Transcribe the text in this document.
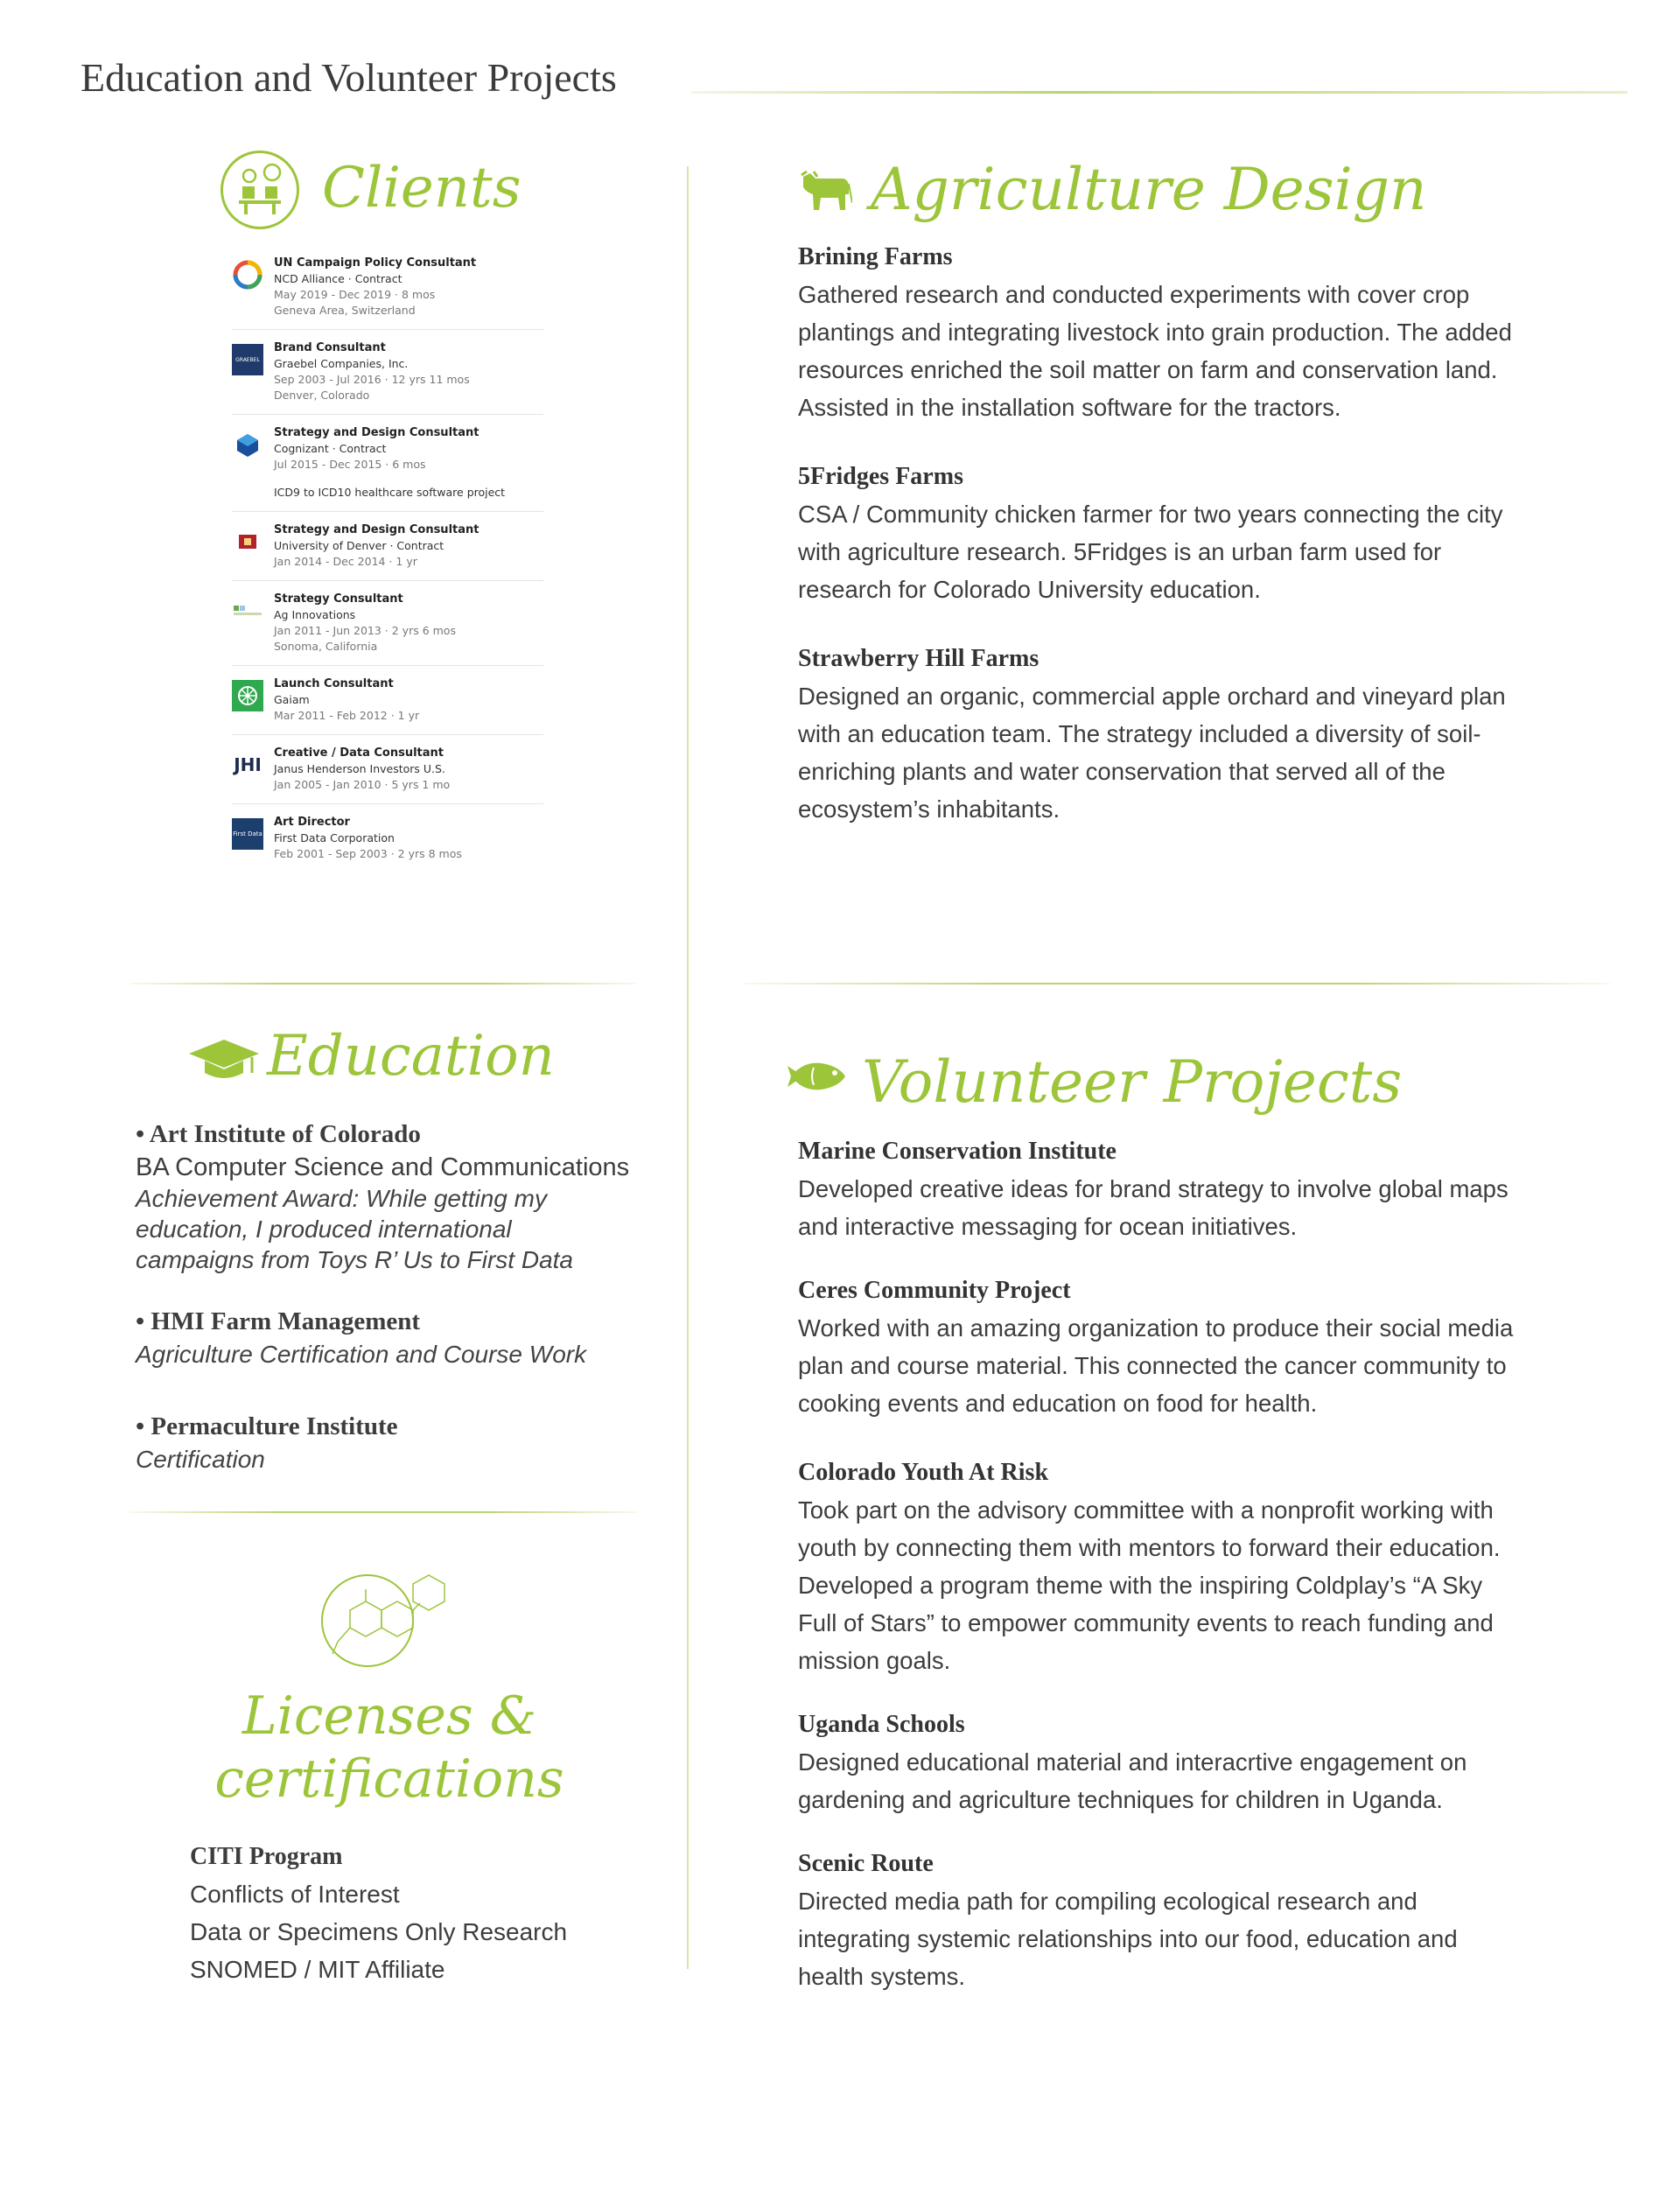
Education and Volunteer Projects
Clients
UN Campaign Policy Consultant
NCD Alliance · Contract
May 2019 - Dec 2019 · 8 mos
Geneva Area, Switzerland
GRAEBEL
Brand Consultant
Graebel Companies, Inc.
Sep 2003 - Jul 2016 · 12 yrs 11 mos
Denver, Colorado
Strategy and Design Consultant
Cognizant · Contract
Jul 2015 - Dec 2015 · 6 mos
ICD9 to ICD10 healthcare software project
Strategy and Design Consultant
University of Denver · Contract
Jan 2014 - Dec 2014 · 1 yr
Strategy Consultant
Ag Innovations
Jan 2011 - Jun 2013 · 2 yrs 6 mos
Sonoma, California
Launch Consultant
Gaiam
Mar 2011 - Feb 2012 · 1 yr
JHI
Creative / Data Consultant
Janus Henderson Investors U.S.
Jan 2005 - Jan 2010 · 5 yrs 1 mo
First Data
Art Director
First Data Corporation
Feb 2001 - Sep 2003 · 2 yrs 8 mos
Agriculture Design
Brining Farms
Gathered research and conducted experiments with cover crop plantings and integrating livestock into grain production. The added resources enriched the soil matter on farm and conservation land. Assisted in the installation software for the tractors.
5Fridges Farms
CSA / Community chicken farmer for two years connecting the city with agriculture research. 5Fridges is an urban farm used for research for Colorado University education.
Strawberry Hill Farms
Designed an organic, commercial apple orchard and vineyard plan with an education team. The strategy included a diversity of soil-enriching plants and water conservation that served all of the ecosystem’s inhabitants.
Education
• Art Institute of Colorado
BA Computer Science and Communications
Achievement Award: While getting my education, I produced international campaigns from Toys R’ Us to First Data
• HMI Farm Management
Agriculture Certification and Course Work
• Permaculture Institute
Certification
Licenses & certifications
CITI Program
Conflicts of Interest
Data or Specimens Only Research
SNOMED / MIT Affiliate
Volunteer Projects
Marine Conservation Institute
Developed creative ideas for brand strategy to involve global maps and interactive messaging for ocean initiatives.
Ceres Community Project
Worked with an amazing organization to produce their social media plan and course material. This connected the cancer community to cooking events and education on food for health.
Colorado Youth At Risk
Took part on the advisory committee with a nonprofit working with youth by connecting them with mentors to forward their education. Developed a program theme with the inspiring Coldplay’s “A Sky Full of Stars” to empower community events to reach funding and mission goals.
Uganda Schools
Designed educational material and interacrtive engagement on gardening and agriculture techniques for children in Uganda.
Scenic Route
Directed media path for compiling ecological research and integrating systemic relationships into our food, education and health systems.
